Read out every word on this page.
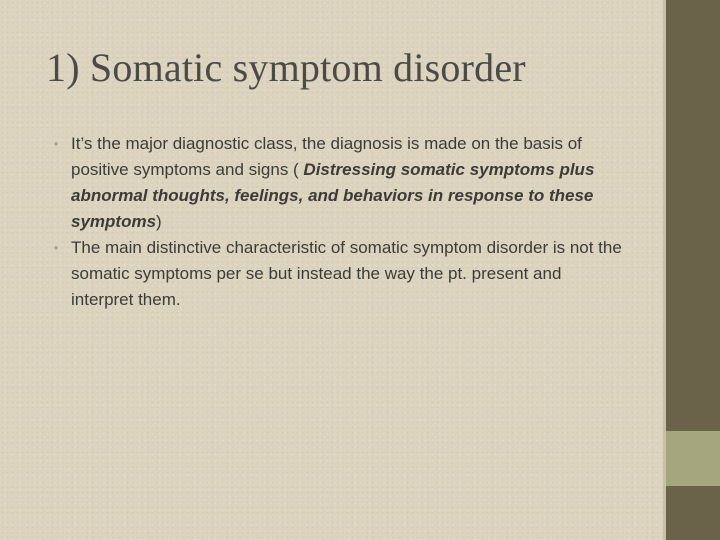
1) Somatic symptom disorder
• It’s the major diagnostic class, the diagnosis is made on the basis of positive symptoms and signs ( Distressing somatic symptoms plus abnormal thoughts, feelings, and behaviors in response to these symptoms)
• The main distinctive characteristic of somatic symptom disorder is not the somatic symptoms per se but instead the way the pt. present and interpret them.
